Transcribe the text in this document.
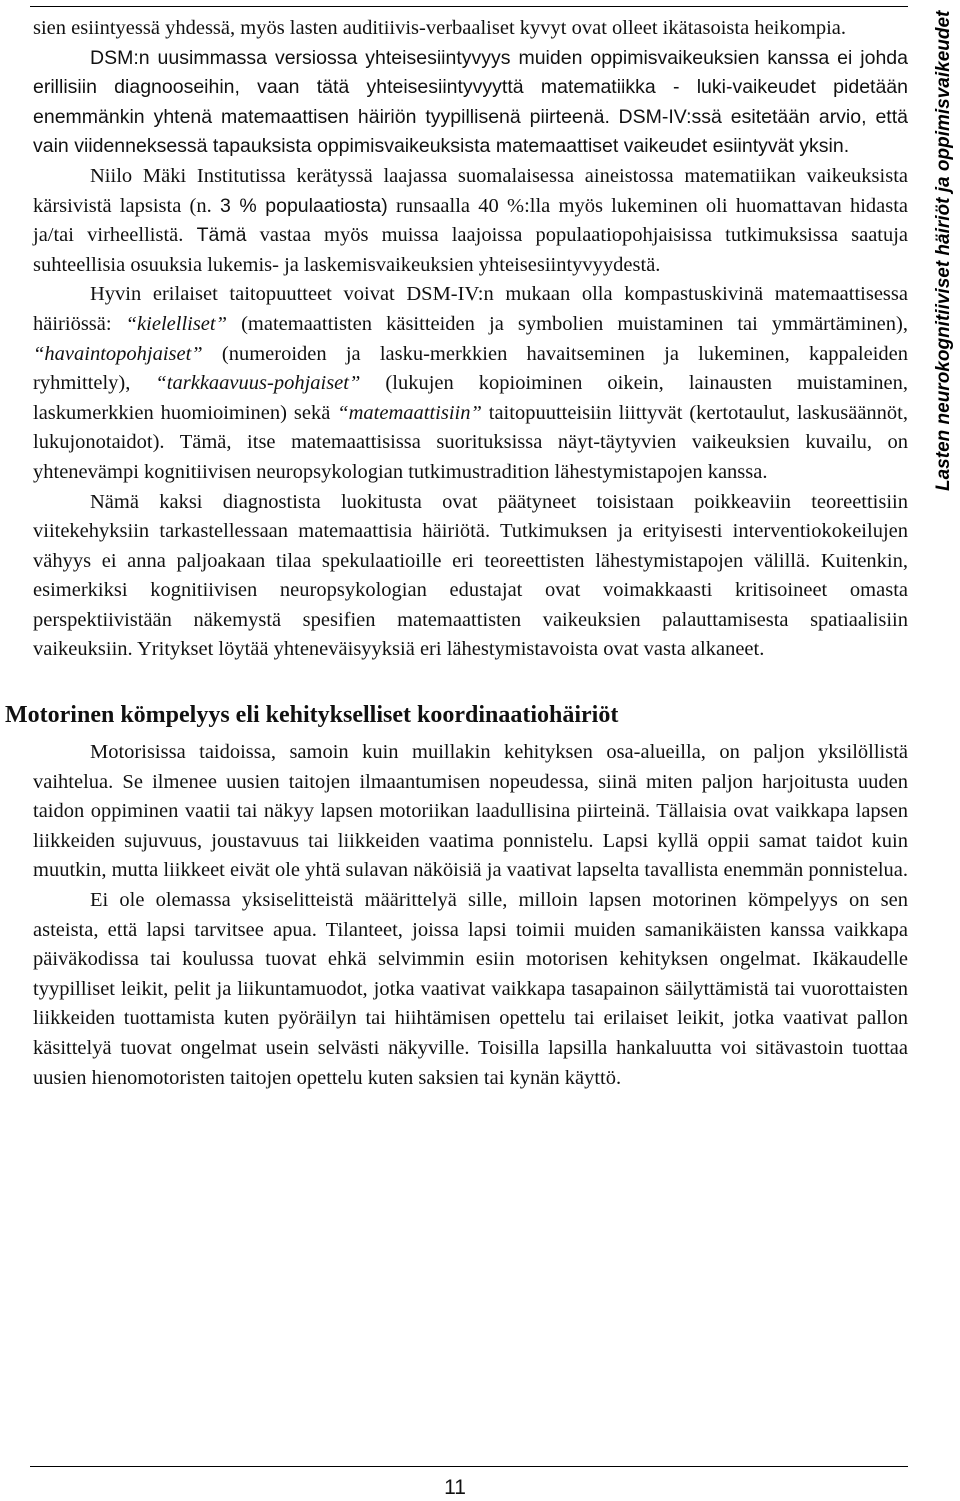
sien esiintyessä yhdessä, myös lasten auditiivis-verbaaliset kyvyt ovat olleet ikätasoista heikompia.

DSM:n uusimmassa versiossa yhteisesiintyvyys muiden oppimisvaikeuksien kanssa ei johda erillisiin diagnooseihin, vaan tätä yhteisesiintyvyyttä matematiikka - luki-vaikeudet pidetään enemmänkin yhtenä matemaattisen häiriön tyypillisenä piirteenä. DSM-IV:ssä esitetään arvio, että vain viidenneksessä tapauksista oppimisvaikeuksista matemaattiset vaikeudet esiintyvät yksin.

Niilo Mäki Institutissa kerätyssä laajassa suomalaisessa aineistossa matematiikan vaikeuksista kärsivistä lapsista (n. 3 % populaatiosta) runsaalla 40 %:lla myös lukeminen oli huomattavan hidasta ja/tai virheellistä. Tämä vastaa myös muissa laajoissa populaatiopohjaisissa tutkimuksissa saatuja suhteellisia osuuksia lukemis- ja laskemisvaikeuksien yhteisesiintyvyydestä.

Hyvin erilaiset taitopuutteet voivat DSM-IV:n mukaan olla kompastuskivinä matemaattisessa häiriössä: “kielelliset” (matemaattisten käsitteiden ja symbolien muistaminen tai ymmärtäminen), “havaintopohjaiset” (numeroiden ja lasku-merkkien havaitseminen ja lukeminen, kappaleiden ryhmittely), “tarkkaavuus-pohjaiset” (lukujen kopioiminen oikein, lainausten muistaminen, laskumerkkien huomioiminen) sekä “matemaattisiin” taitopuutteisiin liittyvät (kertotaulut, laskusäännöt, lukujonotaidot). Tämä, itse matemaattisissa suorituksissa näyt-täytyvien vaikeuksien kuvailu, on yhtenevämpi kognitiivisen neuropsykologian tutkimustradition lähestymistapojen kanssa.

Nämä kaksi diagnostista luokitusta ovat päätyneet toisistaan poikkeaviin teoreettisiin viitekehyksiin tarkastellessaan matemaattisia häiriötä. Tutkimuksen ja erityisesti interventiokokeilujen vähyys ei anna paljoakaan tilaa spekulaatioille eri teoreettisten lähestymistapojen välillä. Kuitenkin, esimerkiksi kognitiivisen neuropsykologian edustajat ovat voimakkaasti kritisoineet omasta perspektiivistään näkemystä spesifien matemaattisten vaikeuksien palauttamisesta spatiaalisiin vaikeuksiin. Yritykset löytää yhteneväisyyksiä eri lähestymistavoista ovat vasta alkaneet.

Motorinen kömpelyys eli kehitykselliset koordinaatiohäiriöt

Motorisissa taidoissa, samoin kuin muillakin kehityksen osa-alueilla, on paljon yksilöllistä vaihtelua. Se ilmenee uusien taitojen ilmaantumisen nopeudessa, siinä miten paljon harjoitusta uuden taidon oppiminen vaatii tai näkyy lapsen motoriikan laadullisina piirteinä. Tällaisia ovat vaikkapa lapsen liikkeiden sujuvuus, joustavuus tai liikkeiden vaatima ponnistelu. Lapsi kyllä oppii samat taidot kuin muutkin, mutta liikkeet eivät ole yhtä sulavan näköisiä ja vaativat lapselta tavallista enemmän ponnistelua.

Ei ole olemassa yksiselitteistä määrittelyä sille, milloin lapsen motorinen kömpelyys on sen asteista, että lapsi tarvitsee apua. Tilanteet, joissa lapsi toimii muiden samanikäisten kanssa vaikkapa päiväkodissa tai koulussa tuovat ehkä selvimmin esiin motorisen kehityksen ongelmat. Ikäkaudelle tyypilliset leikit, pelit ja liikuntamuodot, jotka vaativat vaikkapa tasapainon säilyttämistä tai vuorottaisten liikkeiden tuottamista kuten pyöräilyn tai hiihtämisen opettelu tai erilaiset leikit, jotka vaativat pallon käsittelyä tuovat ongelmat usein selvästi näkyville. Toisilla lapsilla hankaluutta voi sitävastoin tuottaa uusien hienomotoristen taitojen opettelu kuten saksien tai kynän käyttö.

Lasten neurokognitiiviset häiriöt ja oppimisvaikeudet
11
